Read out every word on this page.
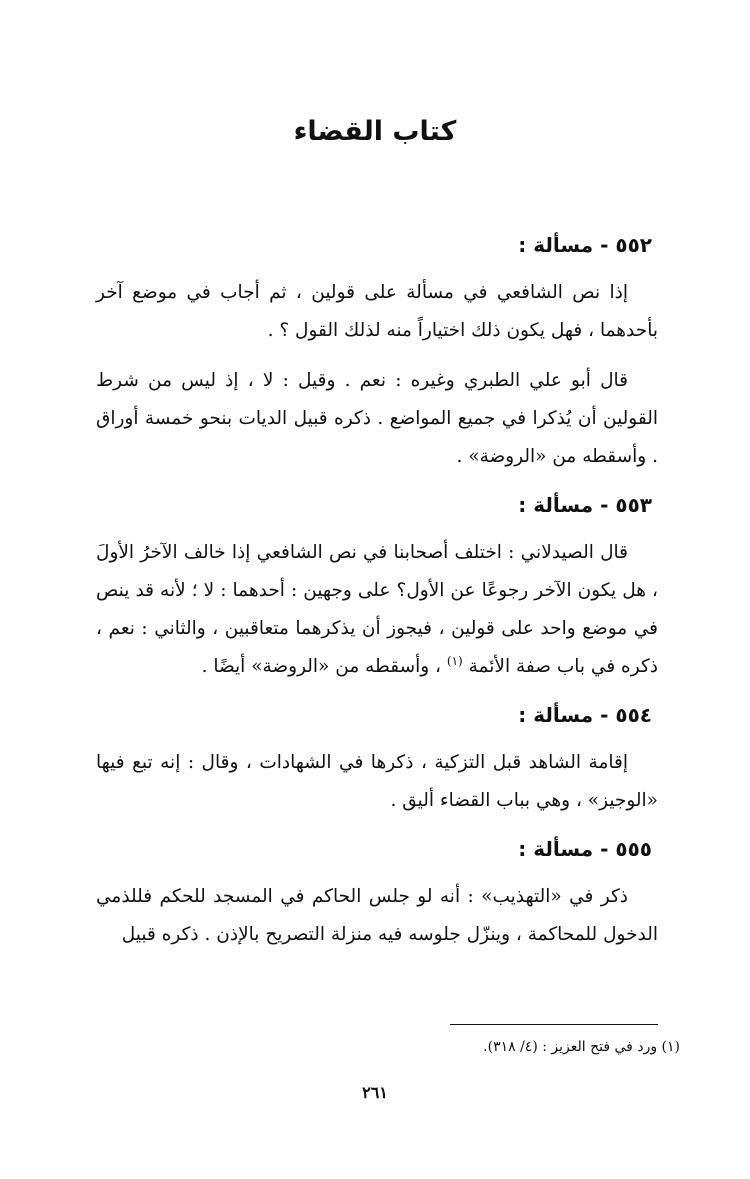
كتاب القضاء
٥٥٢ - مسألة :

إذا نص الشافعي في مسألة على قولين ، ثم أجاب في موضع آخر بأحدهما ، فهل يكون ذلك اختياراً منه لذلك القول ؟ .

قال أبو علي الطبري وغيره : نعم . وقيل : لا ، إذ ليس من شرط القولين أن يُذكرا في جميع المواضع . ذكره قبيل الديات بنحو خمسة أوراق . وأسقطه من «الروضة» .

٥٥٣ - مسألة :

قال الصيدلاني : اختلف أصحابنا في نص الشافعي إذا خالف الآخرُ الأولَ ، هل يكون الآخر رجوعًا عن الأول؟ على وجهين : أحدهما : لا ؛ لأنه قد ينص في موضع واحد على قولين ، فيجوز أن يذكرهما متعاقبين ، والثاني : نعم ، ذكره في باب صفة الأئمة $^{(١)}$ ، وأسقطه من «الروضة» أيضًا .

٥٥٤ - مسألة :

إقامة الشاهد قبل التزكية ، ذكرها في الشهادات ، وقال : إنه تبع فيها «الوجيز» ، وهي بباب القضاء أليق .

٥٥٥ - مسألة :

ذكر في «التهذيب» : أنه لو جلس الحاكم في المسجد للحكم فللذمي الدخول للمحاكمة ، وينزّل جلوسه فيه منزلة التصريح بالإذن . ذكره قبيل

(١) ورد في فتح العزيز : (٤/ ٣١٨).

٢٦١
